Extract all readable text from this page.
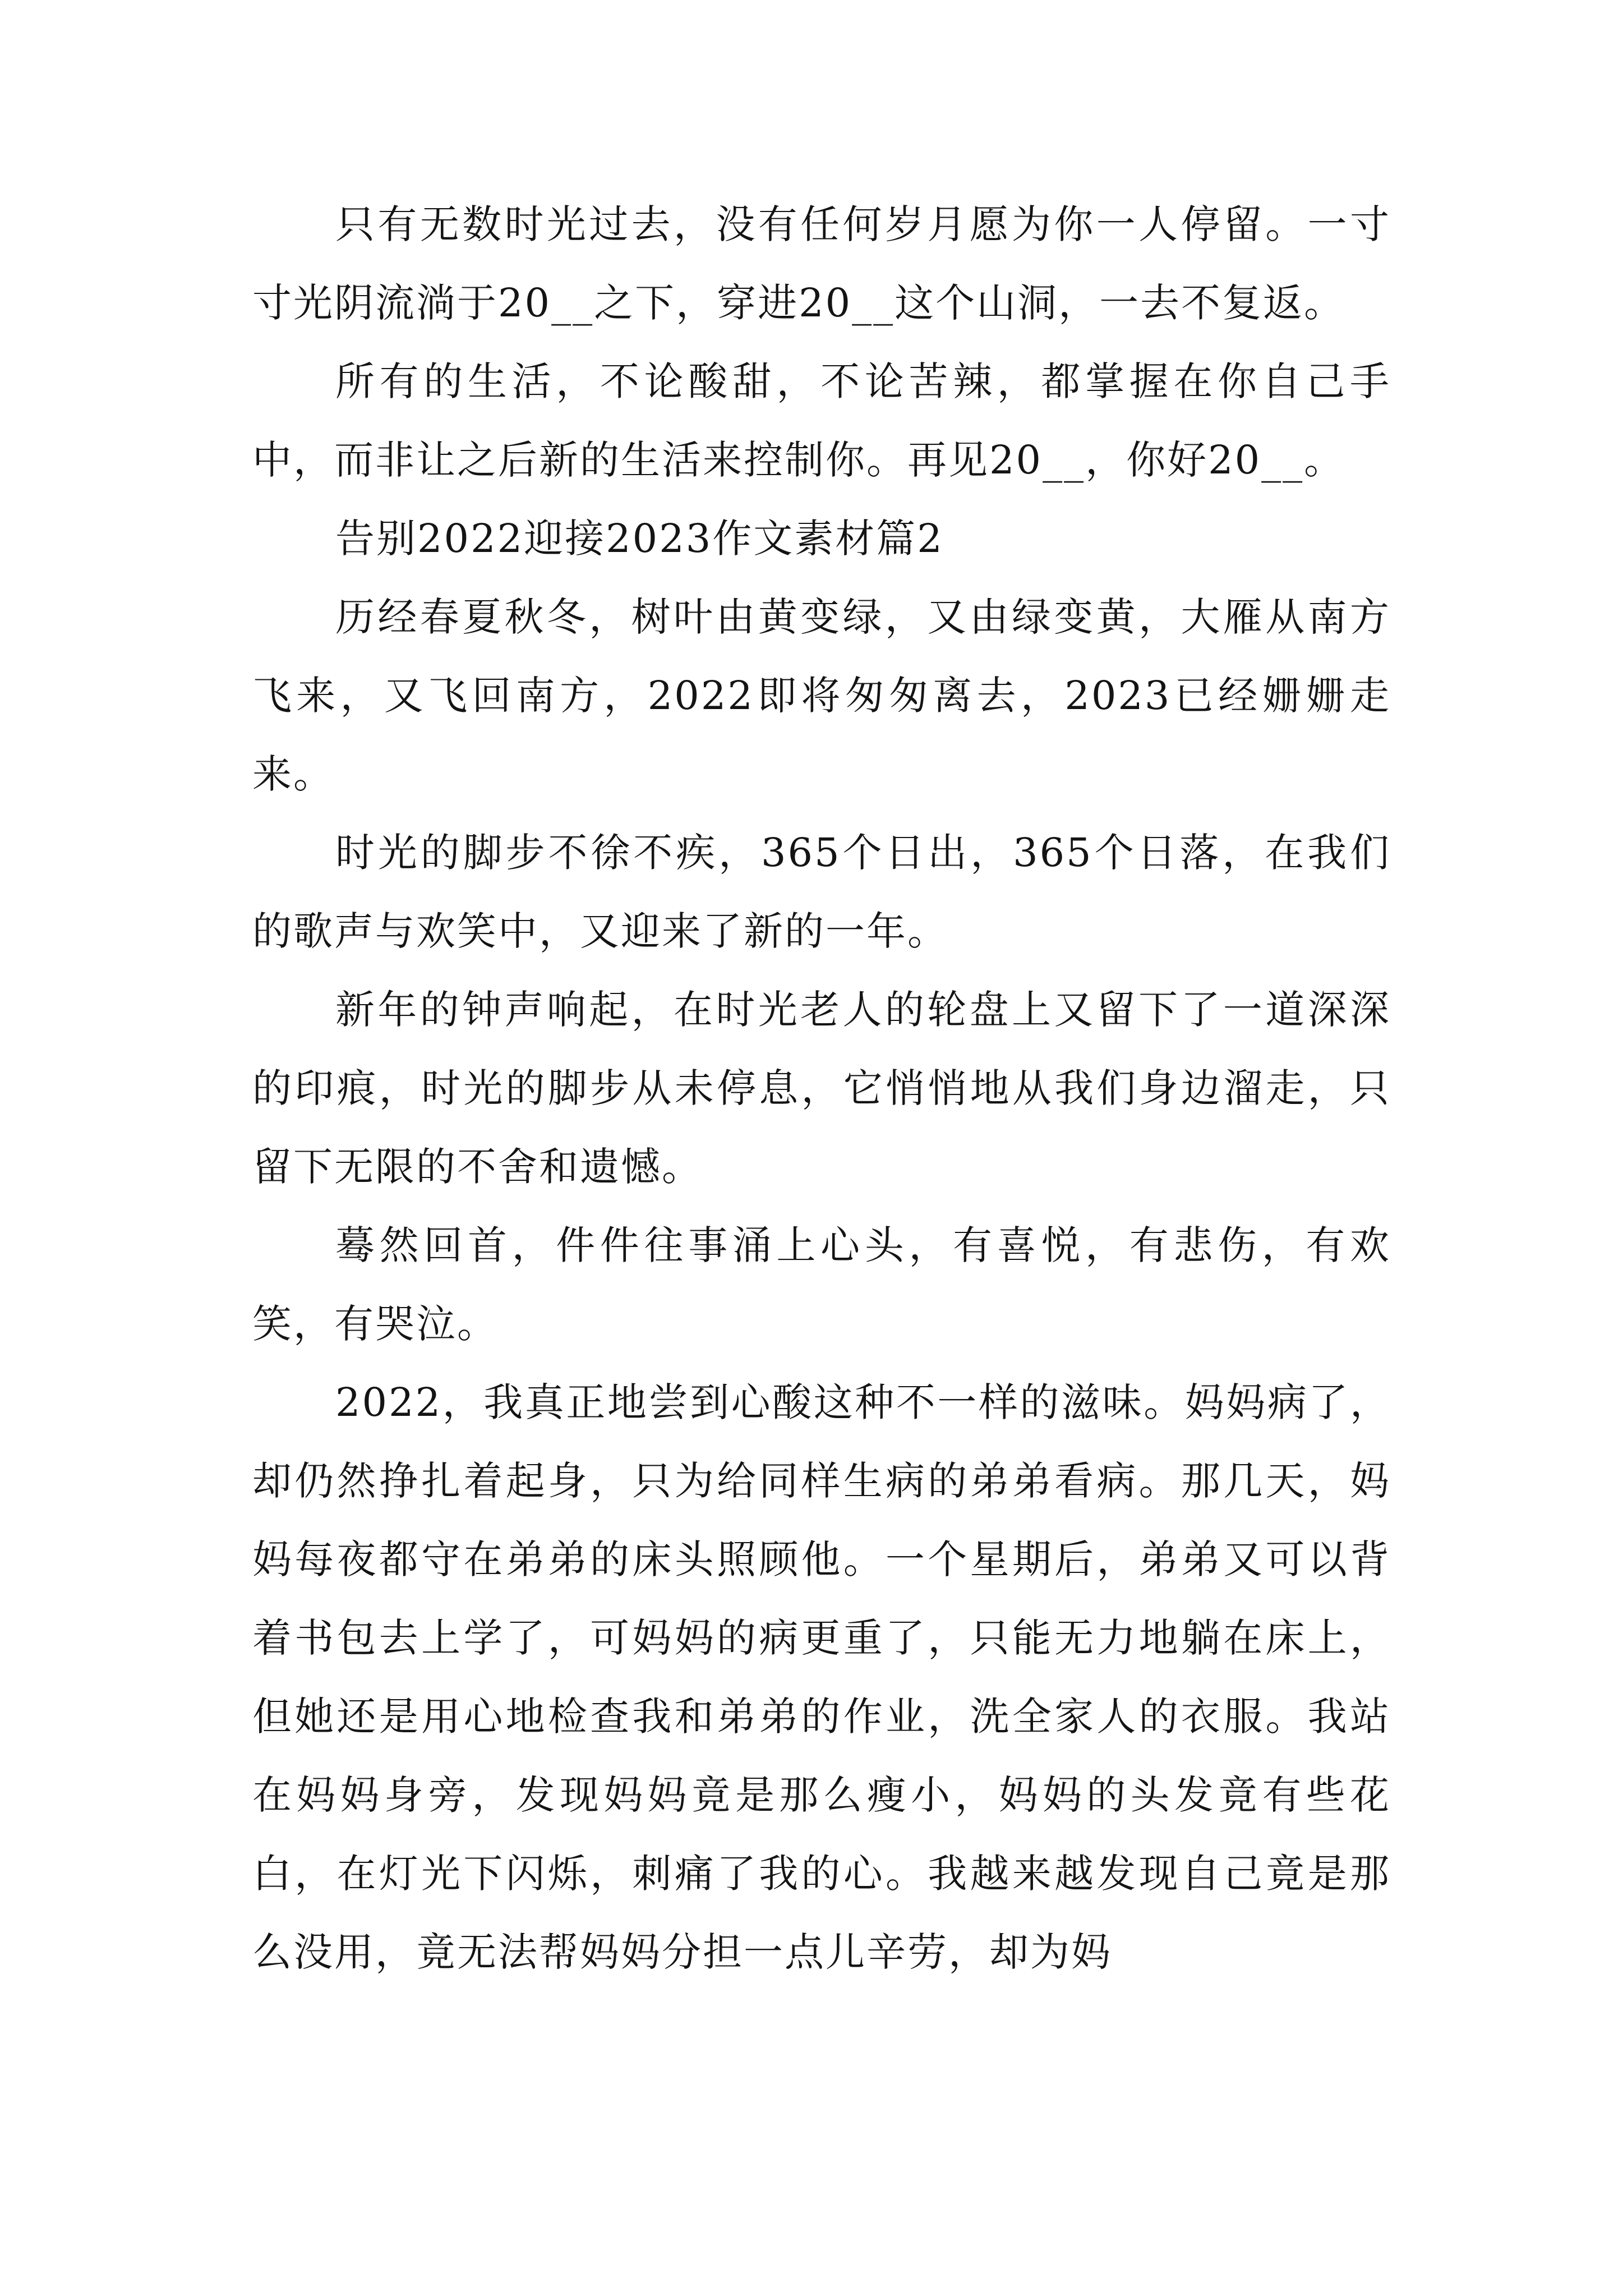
只有无数时光过去，没有任何岁月愿为你一人停留。一寸寸光阴流淌于20__之下，穿进20__这个山洞，一去不复返。

所有的生活，不论酸甜，不论苦辣，都掌握在你自己手中，而非让之后新的生活来控制你。再见20__，你好20__。

告别2022迎接2023作文素材篇2

历经春夏秋冬，树叶由黄变绿，又由绿变黄，大雁从南方飞来，又飞回南方，2022即将匆匆离去，2023已经姗姗走来。

时光的脚步不徐不疾，365个日出，365个日落，在我们的歌声与欢笑中，又迎来了新的一年。

新年的钟声响起，在时光老人的轮盘上又留下了一道深深的印痕，时光的脚步从未停息，它悄悄地从我们身边溜走，只留下无限的不舍和遗憾。

蓦然回首，件件往事涌上心头，有喜悦，有悲伤，有欢笑，有哭泣。

2022，我真正地尝到心酸这种不一样的滋味。妈妈病了，却仍然挣扎着起身，只为给同样生病的弟弟看病。那几天，妈妈每夜都守在弟弟的床头照顾他。一个星期后，弟弟又可以背着书包去上学了，可妈妈的病更重了，只能无力地躺在床上，但她还是用心地检查我和弟弟的作业，洗全家人的衣服。我站在妈妈身旁，发现妈妈竟是那么瘦小，妈妈的头发竟有些花白，在灯光下闪烁，刺痛了我的心。我越来越发现自己竟是那么没用，竟无法帮妈妈分担一点儿辛劳，却为妈
